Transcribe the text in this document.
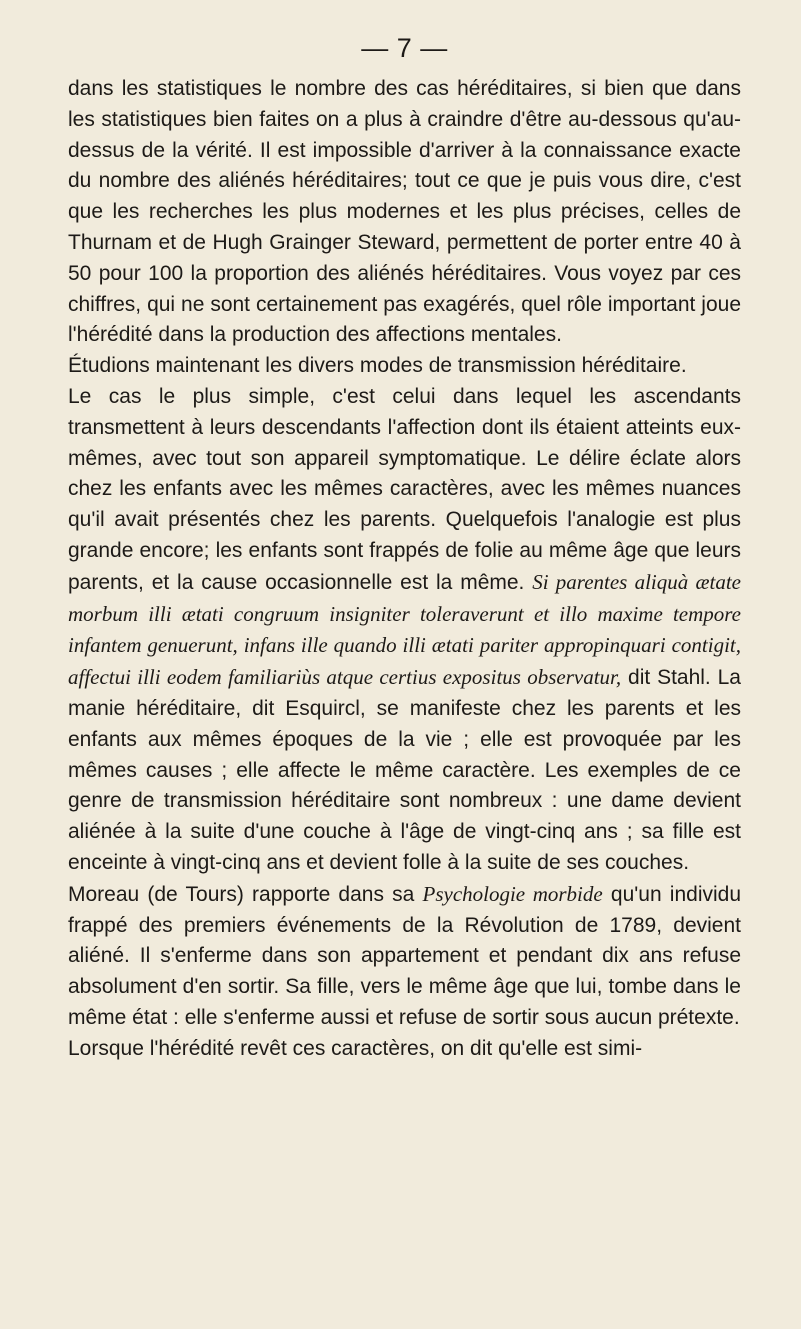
— 7 —

dans les statistiques le nombre des cas héréditaires, si bien que dans les statistiques bien faites on a plus à craindre d'être au-dessous qu'au-dessus de la vérité. Il est impossible d'arriver à la connaissance exacte du nombre des aliénés héréditaires; tout ce que je puis vous dire, c'est que les recherches les plus modernes et les plus précises, celles de Thurnam et de Hugh Grainger Steward, permettent de porter entre 40 à 50 pour 100 la proportion des aliénés héréditaires. Vous voyez par ces chiffres, qui ne sont certainement pas exagérés, quel rôle important joue l'hérédité dans la production des affections mentales.

Étudions maintenant les divers modes de transmission héréditaire.

Le cas le plus simple, c'est celui dans lequel les ascendants transmettent à leurs descendants l'affection dont ils étaient atteints eux-mêmes, avec tout son appareil symptomatique. Le délire éclate alors chez les enfants avec les mêmes caractères, avec les mêmes nuances qu'il avait présentés chez les parents. Quelquefois l'analogie est plus grande encore; les enfants sont frappés de folie au même âge que leurs parents, et la cause occasionnelle est la même. Si parentes aliquà ætate morbum illi ætati congruum insigniter toleraverunt et illo maxime tempore infantem genuerunt, infans ille quando illi ætati pariter appropinquari contigit, affectui illi eodem familiariùs atque certius expositus observatur, dit Stahl. La manie héréditaire, dit Esquircl, se manifeste chez les parents et les enfants aux mêmes époques de la vie ; elle est provoquée par les mêmes causes ; elle affecte le même caractère. Les exemples de ce genre de transmission héréditaire sont nombreux : une dame devient aliénée à la suite d'une couche à l'âge de vingt-cinq ans ; sa fille est enceinte à vingt-cinq ans et devient folle à la suite de ses couches.

Moreau (de Tours) rapporte dans sa Psychologie morbide qu'un individu frappé des premiers événements de la Révolution de 1789, devient aliéné. Il s'enferme dans son appartement et pendant dix ans refuse absolument d'en sortir. Sa fille, vers le même âge que lui, tombe dans le même état : elle s'enferme aussi et refuse de sortir sous aucun prétexte.

Lorsque l'hérédité revêt ces caractères, on dit qu'elle est simi-
